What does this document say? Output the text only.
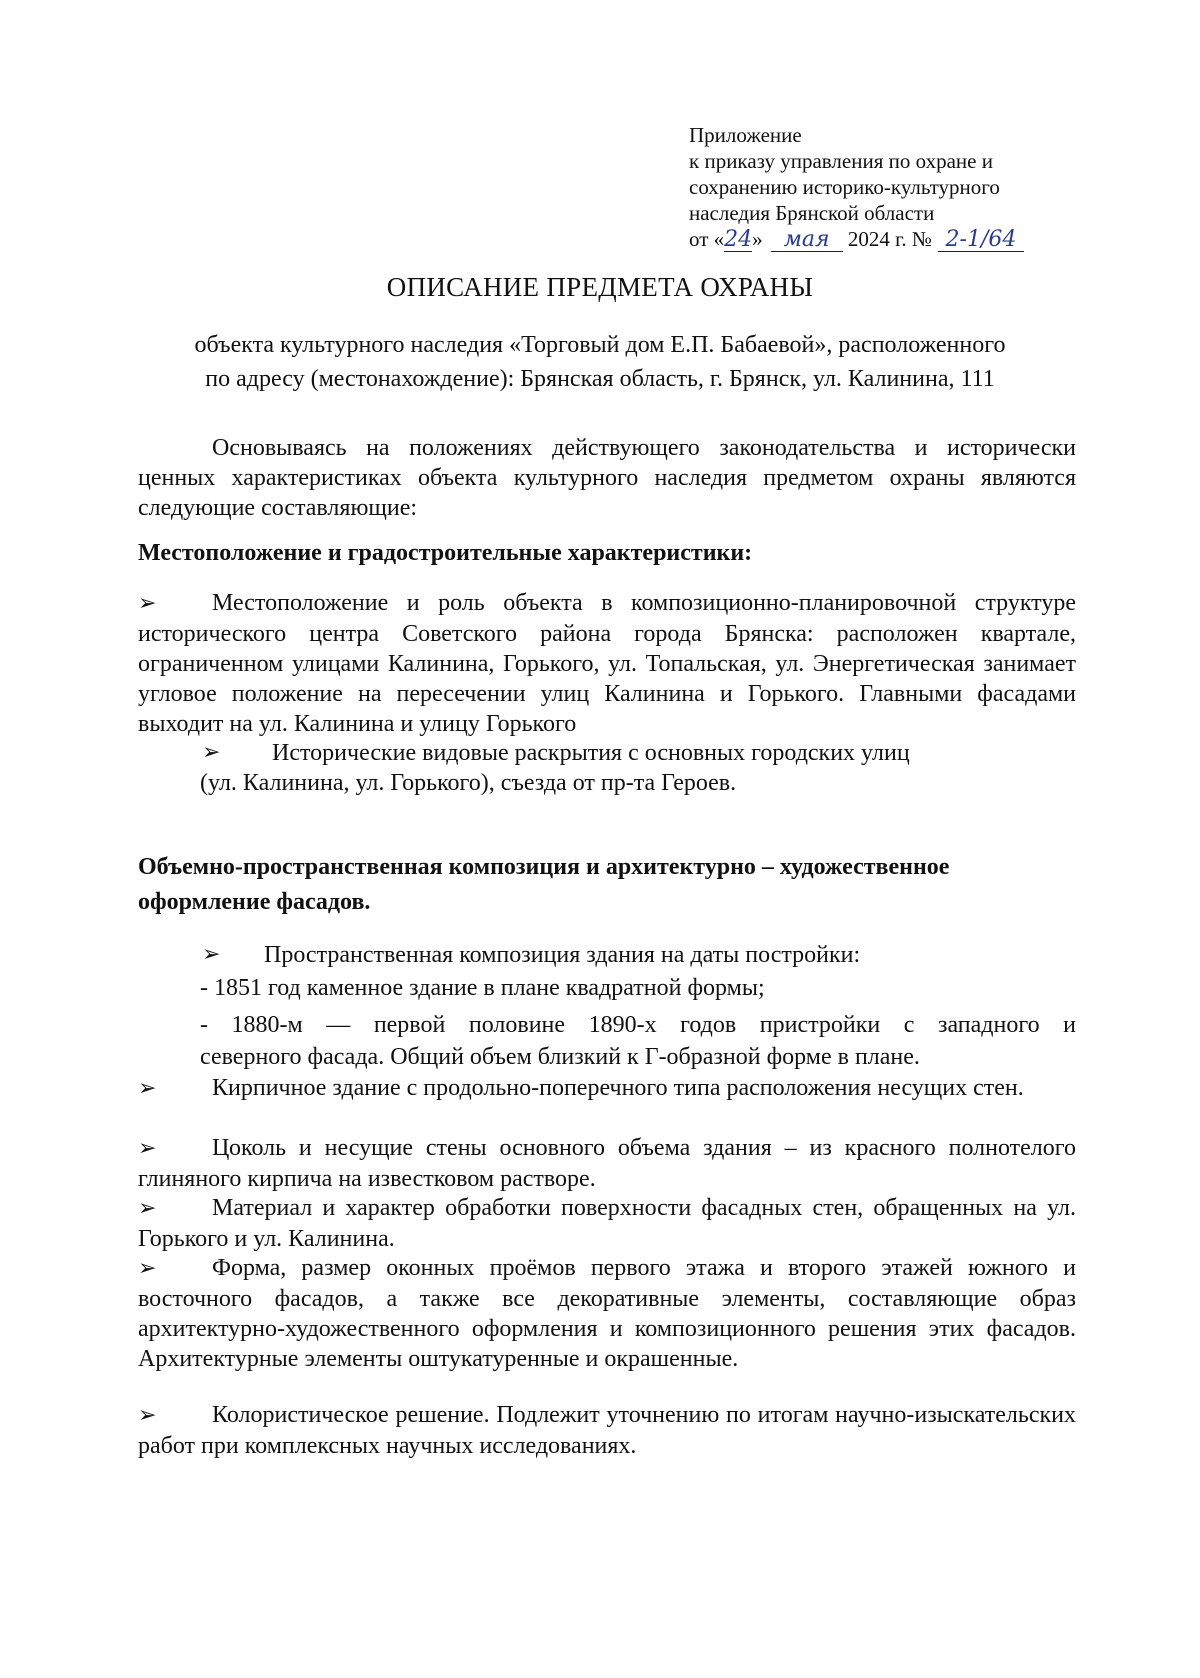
Приложение
к приказу управления по охране и
сохранению историко-культурного
наследия Брянской области
от «24» мая 2024 г. № 2-1/64
ОПИСАНИЕ ПРЕДМЕТА ОХРАНЫ
объекта культурного наследия «Торговый дом Е.П. Бабаевой», расположенного
по адресу (местонахождение): Брянская область, г. Брянск, ул. Калинина, 111
Основываясь на положениях действующего законодательства и исторически ценных характеристиках объекта культурного наследия предметом охраны являются следующие составляющие:
Местоположение и градостроительные характеристики:
➢ Местоположение и роль объекта в композиционно-планировочной структуре исторического центра Советского района города Брянска: расположен квартале, ограниченном улицами Калинина, Горького, ул. Топальская, ул. Энергетическая занимает угловое положение на пересечении улиц Калинина и Горького. Главными фасадами выходит на ул. Калинина и улицу Горького
➢ Исторические видовые раскрытия с основных городских улиц
(ул. Калинина, ул. Горького), съезда от пр-та Героев.
Объемно-пространственная композиция и архитектурно – художественное оформление фасадов.
➢ Пространственная композиция здания на даты постройки:
- 1851 год каменное здание в плане квадратной формы;
- 1880-м — первой половине 1890-х годов пристройки с западного и
северного фасада. Общий объем близкий к Г-образной форме в плане.
➢ Кирпичное здание с продольно-поперечного типа расположения несущих стен.
➢ Цоколь и несущие стены основного объема здания – из красного полнотелого глиняного кирпича на известковом растворе.
➢ Материал и характер обработки поверхности фасадных стен, обращенных на ул. Горького и ул. Калинина.
➢ Форма, размер оконных проёмов первого этажа и второго этажей южного и восточного фасадов, а также все декоративные элементы, составляющие образ архитектурно-художественного оформления и композиционного решения этих фасадов. Архитектурные элементы оштукатуренные и окрашенные.
➢ Колористическое решение. Подлежит уточнению по итогам научно-изыскательских работ при комплексных научных исследованиях.
